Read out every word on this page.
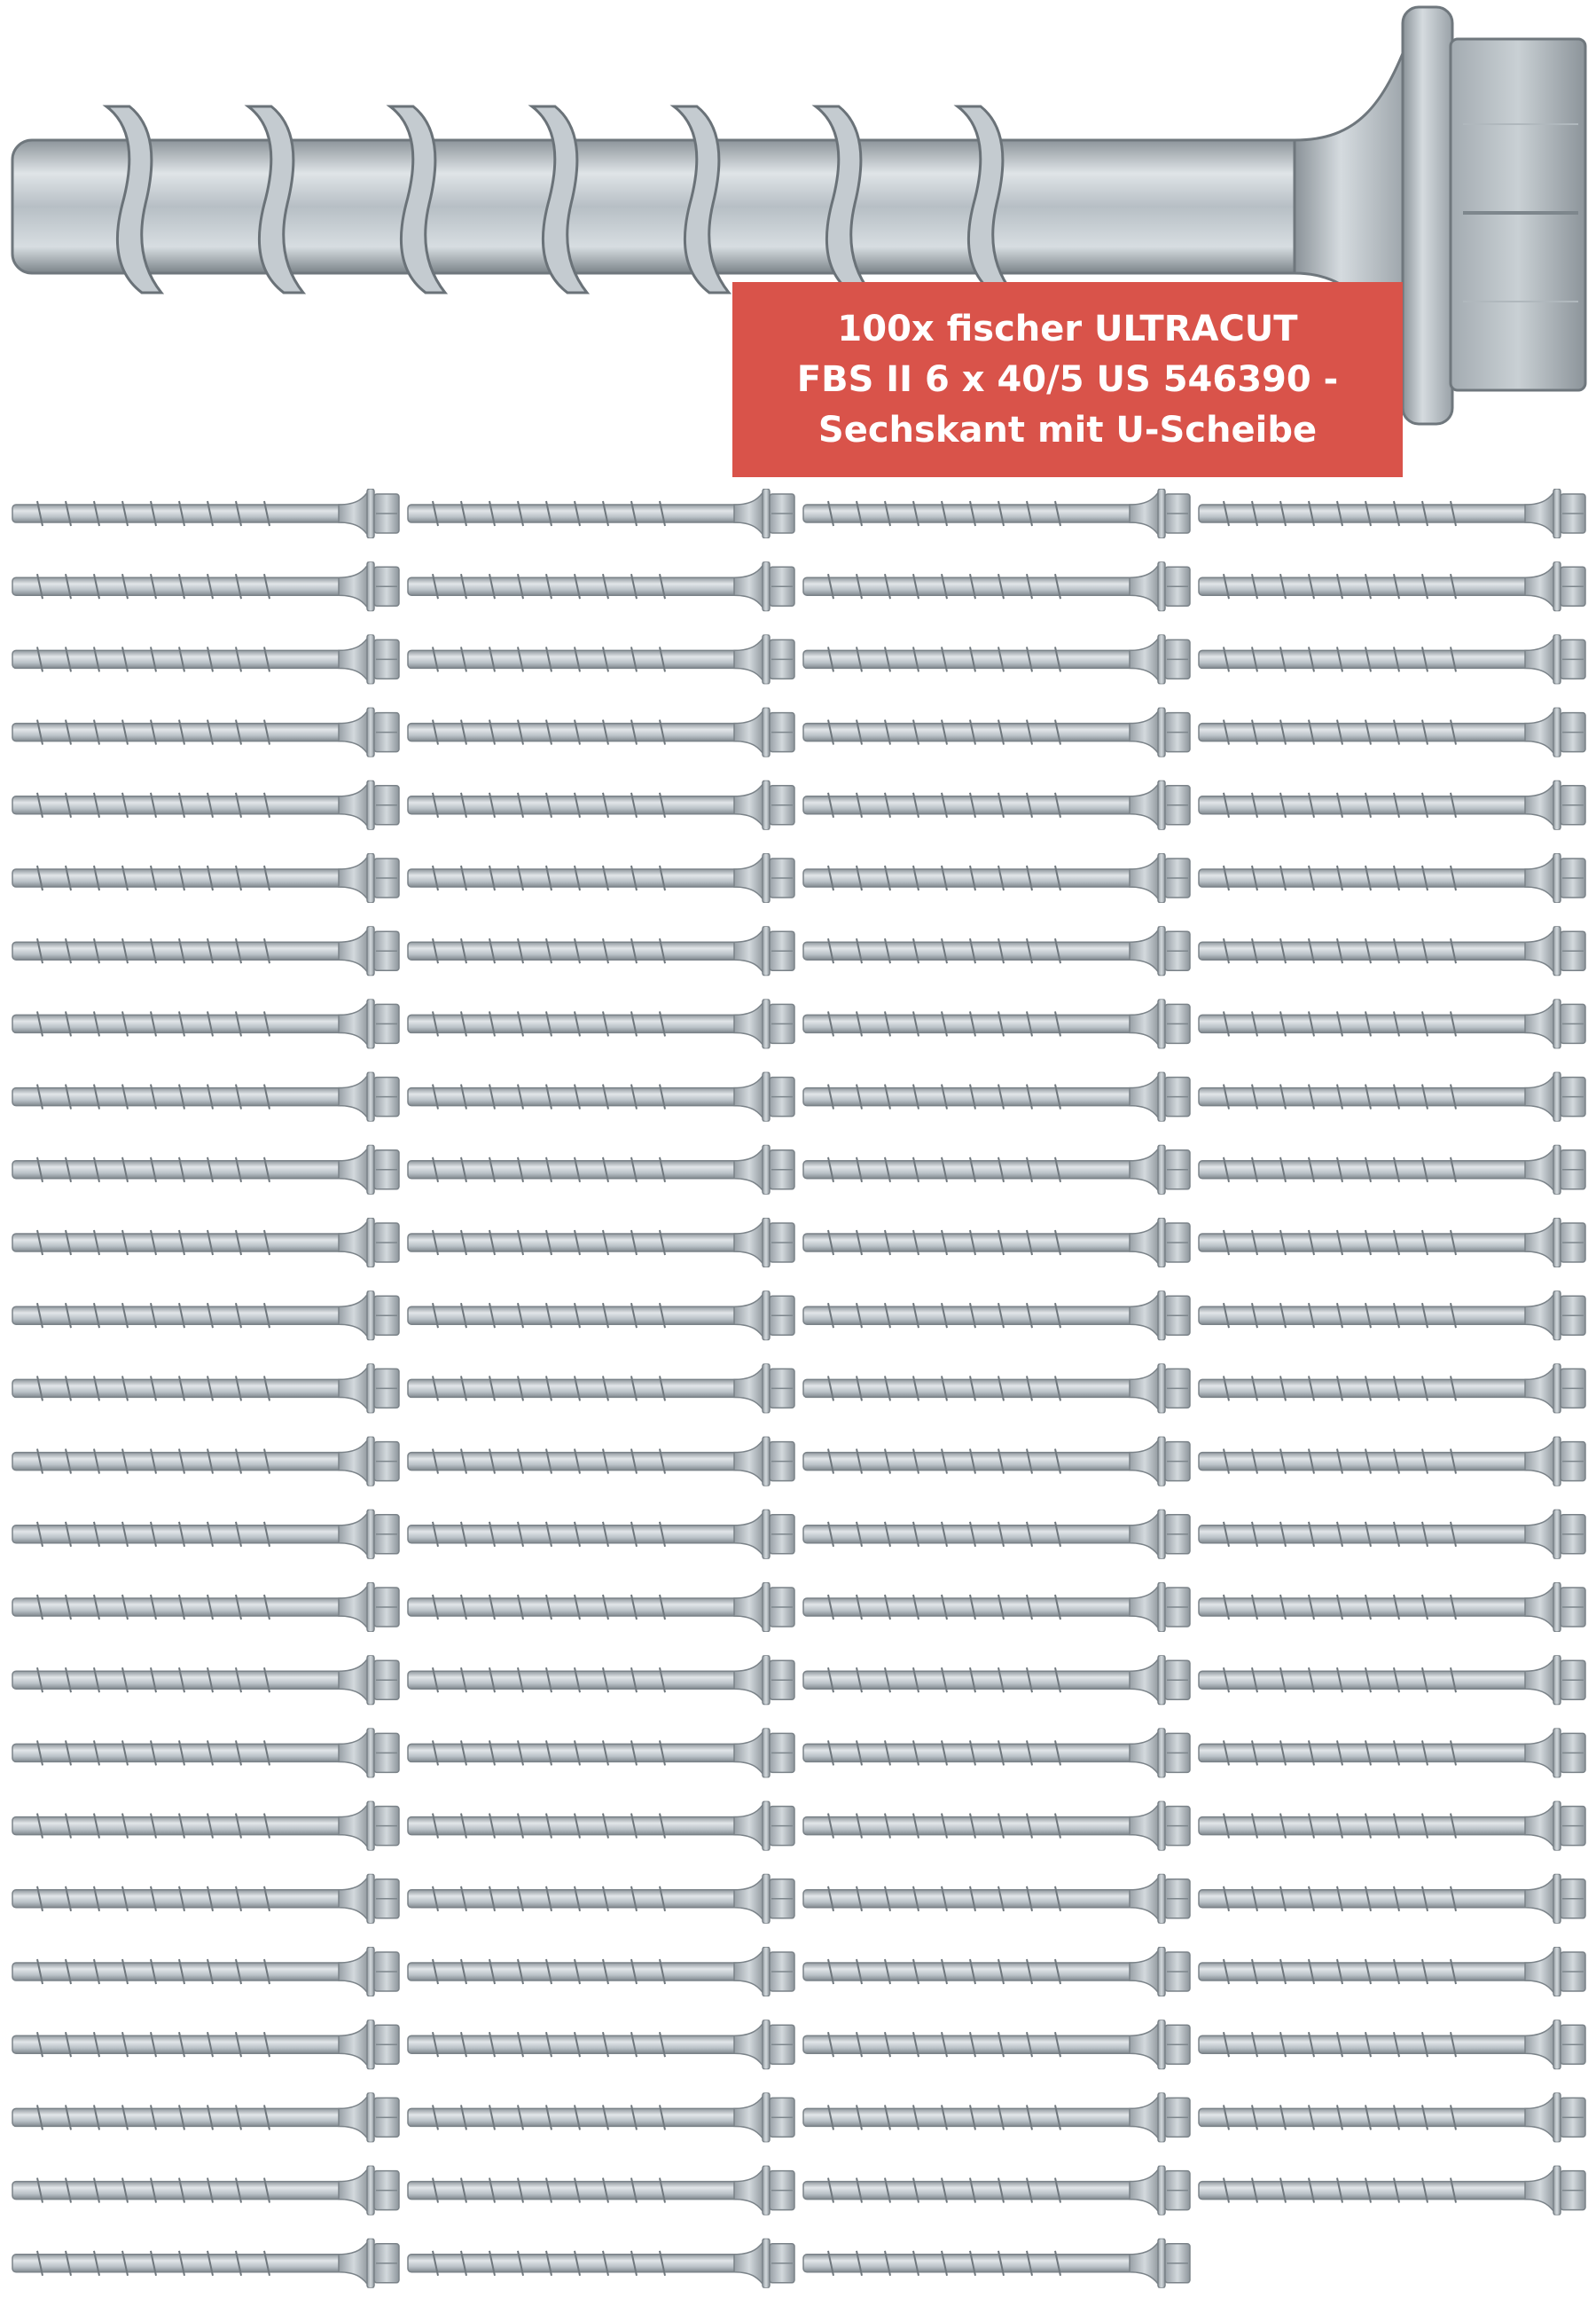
100x fischer ULTRACUT
FBS II 6 x 40/5 US 546390 -
Sechskant mit U-Scheibe
